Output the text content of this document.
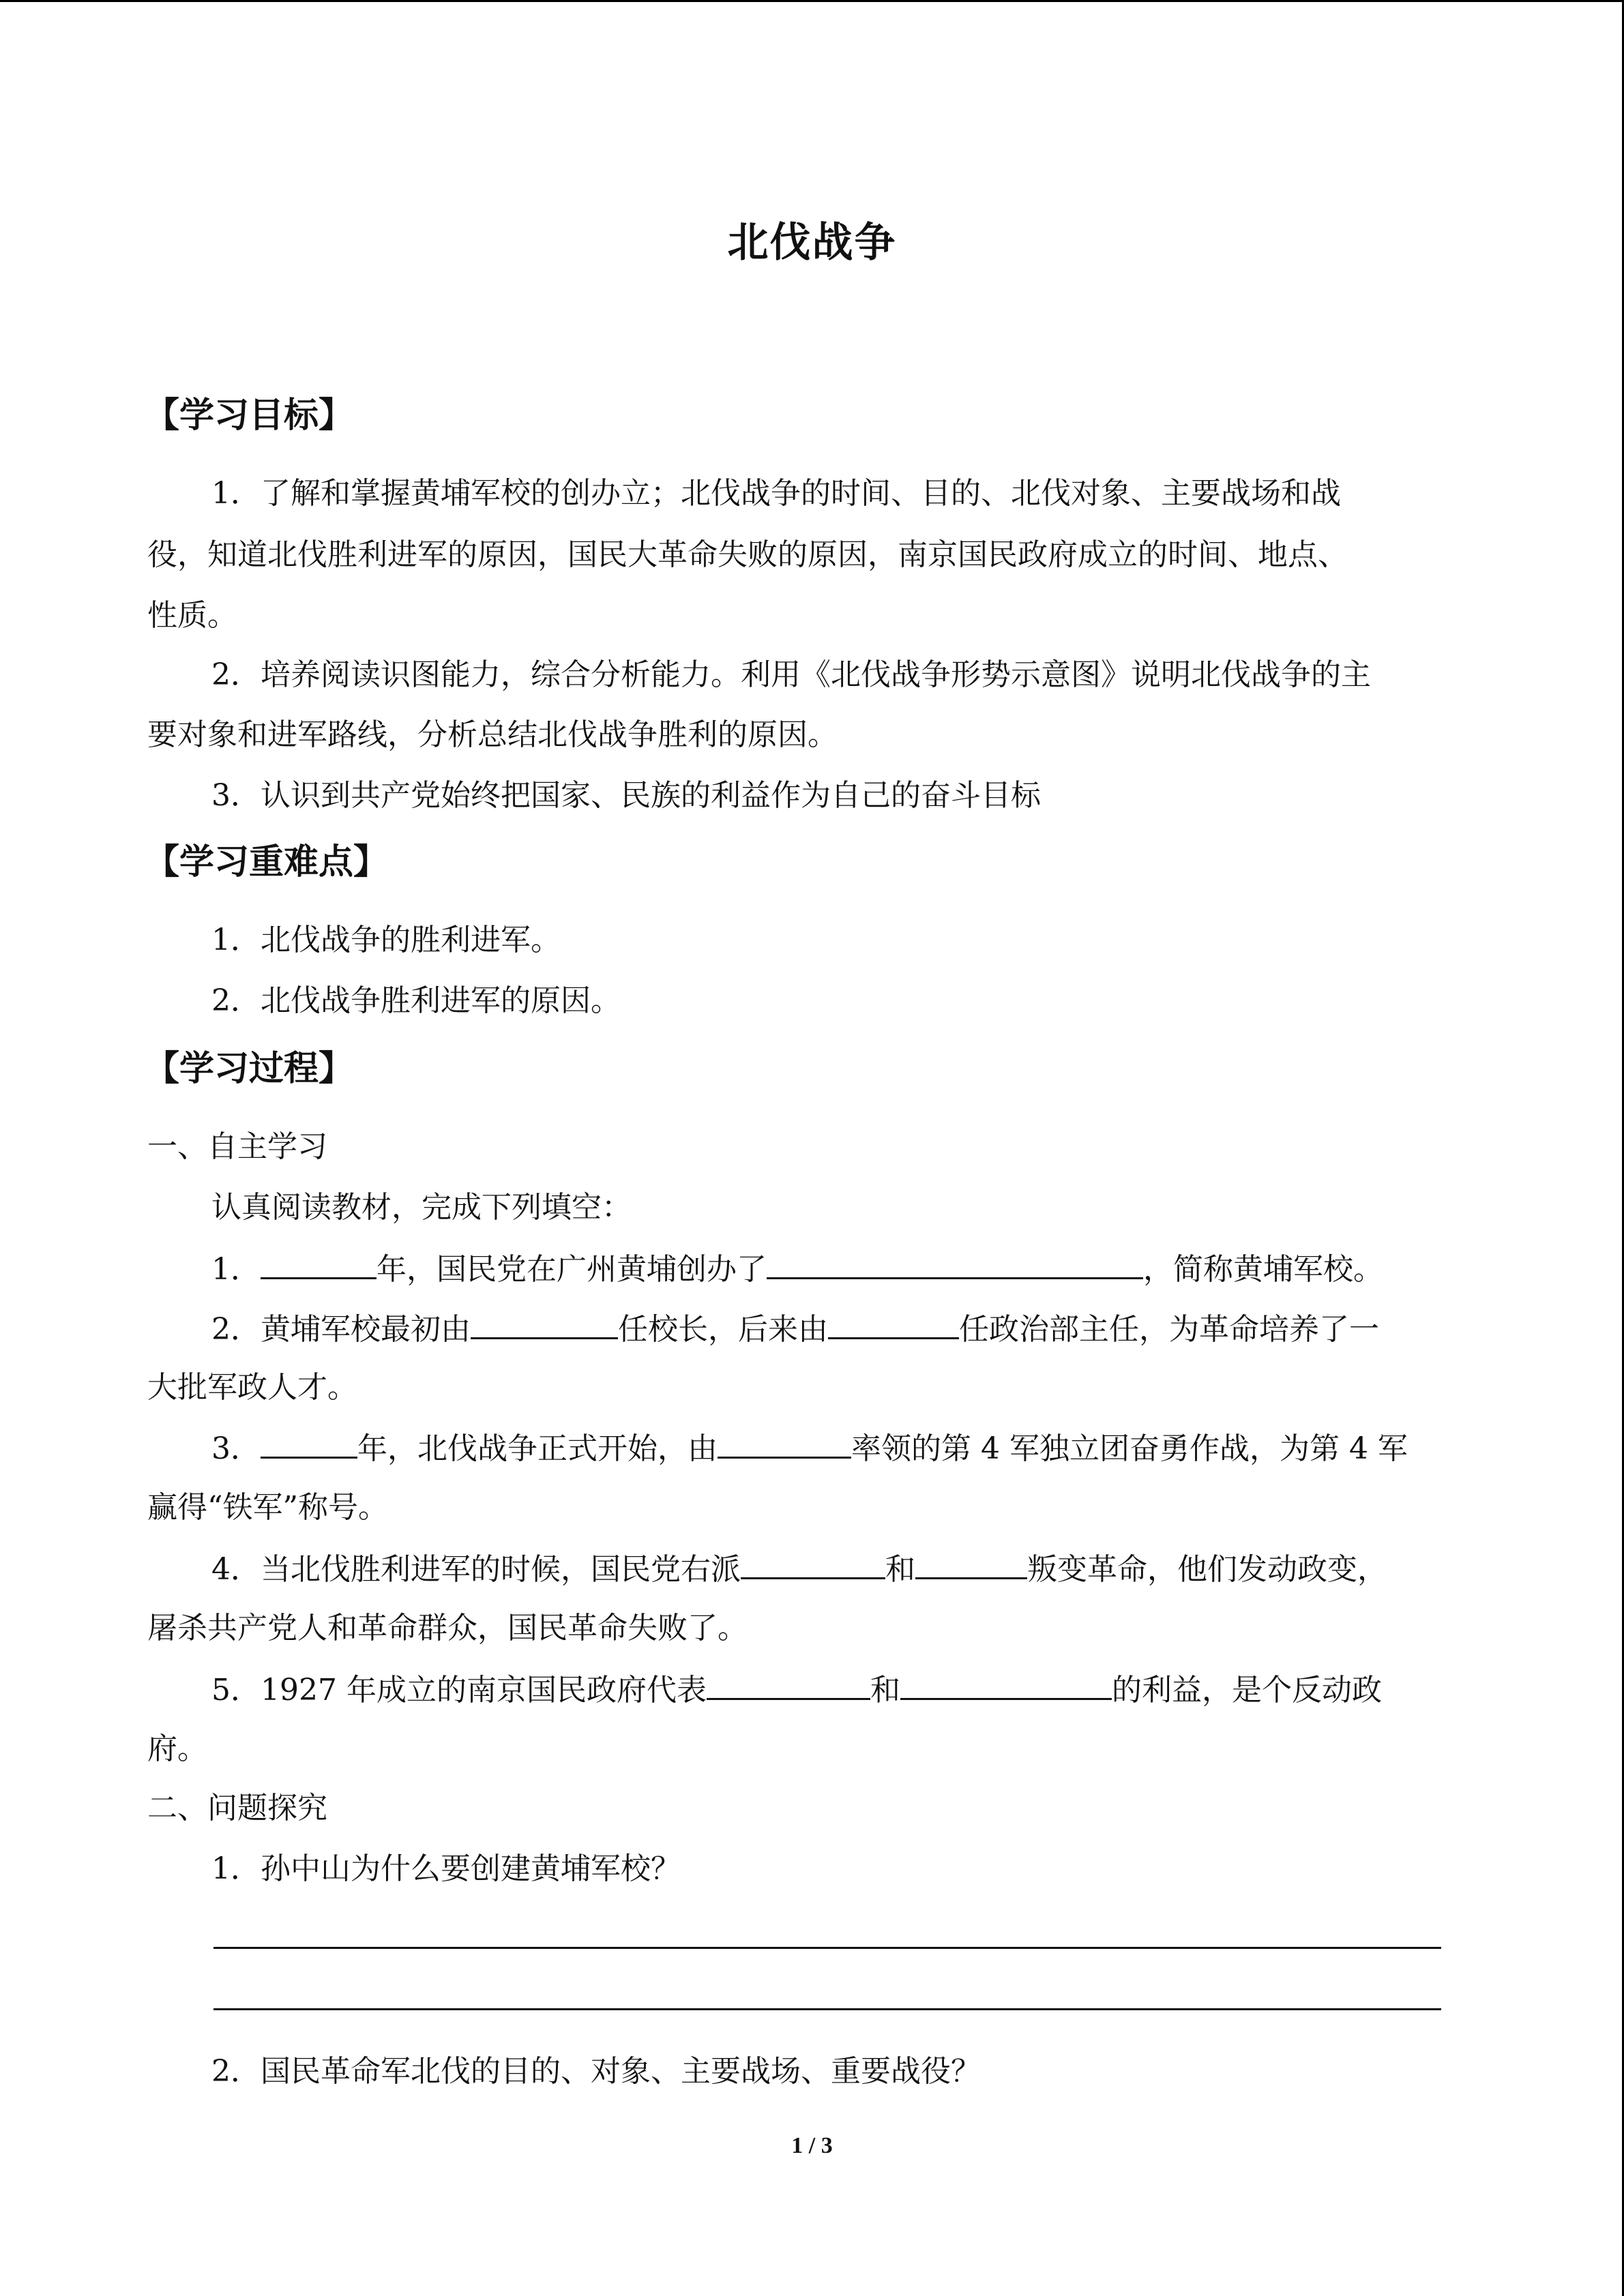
北伐战争
【学习目标】
1．了解和掌握黄埔军校的创办立；北伐战争的时间、目的、北伐对象、主要战场和战
役，知道北伐胜利进军的原因，国民大革命失败的原因，南京国民政府成立的时间、地点、
性质。
2．培养阅读识图能力，综合分析能力。利用《北伐战争形势示意图》说明北伐战争的主
要对象和进军路线，分析总结北伐战争胜利的原因。
3．认识到共产党始终把国家、民族的利益作为自己的奋斗目标
【学习重难点】
1．北伐战争的胜利进军。
2．北伐战争胜利进军的原因。
【学习过程】
一、自主学习
认真阅读教材，完成下列填空：
1．	年，国民党在广州黄埔创办了	，简称黄埔军校。
2．黄埔军校最初由	任校长，后来由	任政治部主任，为革命培养了一
大批军政人才。
3．	年，北伐战争正式开始，由	率领的第 4 军独立团奋勇作战，为第 4 军
赢得“铁军”称号。
4．当北伐胜利进军的时候，国民党右派	和	叛变革命，他们发动政变，
屠杀共产党人和革命群众，国民革命失败了。
5．1927 年成立的南京国民政府代表	和	的利益，是个反动政
府。
二、问题探究
1．孙中山为什么要创建黄埔军校？
2．国民革命军北伐的目的、对象、主要战场、重要战役？
1 / 3
